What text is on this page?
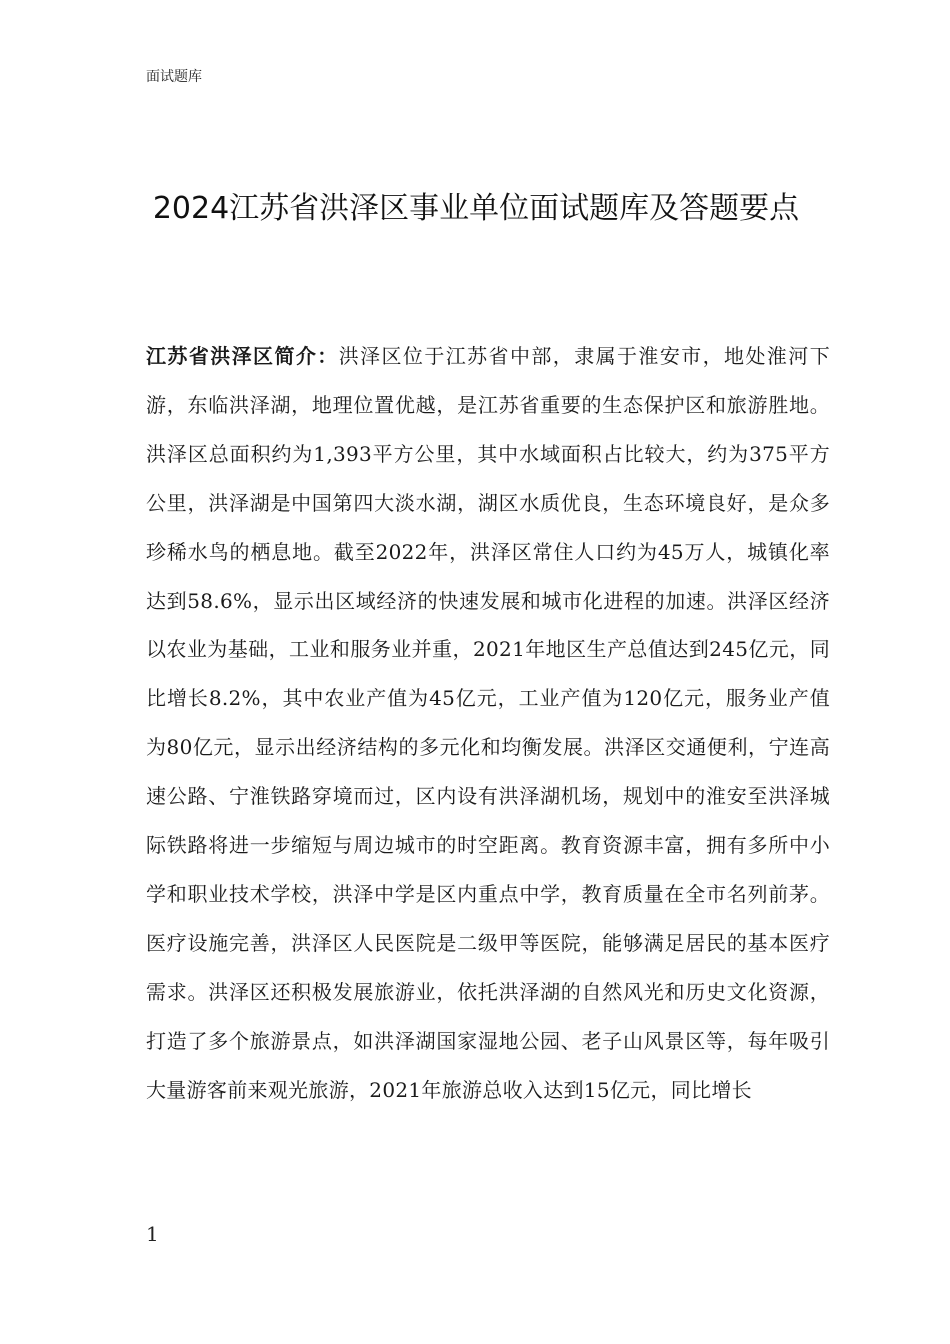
面试题库
2024江苏省洪泽区事业单位面试题库及答题要点

江苏省洪泽区简介：洪泽区位于江苏省中部，隶属于淮安市，地处淮河下游，东临洪泽湖，地理位置优越，是江苏省重要的生态保护区和旅游胜地。洪泽区总面积约为1,393平方公里，其中水域面积占比较大，约为375平方公里，洪泽湖是中国第四大淡水湖，湖区水质优良，生态环境良好，是众多珍稀水鸟的栖息地。截至2022年，洪泽区常住人口约为45万人，城镇化率达到58.6%，显示出区域经济的快速发展和城市化进程的加速。洪泽区经济以农业为基础，工业和服务业并重，2021年地区生产总值达到245亿元，同比增长8.2%，其中农业产值为45亿元，工业产值为120亿元，服务业产值为80亿元，显示出经济结构的多元化和均衡发展。洪泽区交通便利，宁连高速公路、宁淮铁路穿境而过，区内设有洪泽湖机场，规划中的淮安至洪泽城际铁路将进一步缩短与周边城市的时空距离。教育资源丰富，拥有多所中小学和职业技术学校，洪泽中学是区内重点中学，教育质量在全市名列前茅。医疗设施完善，洪泽区人民医院是二级甲等医院，能够满足居民的基本医疗需求。洪泽区还积极发展旅游业，依托洪泽湖的自然风光和历史文化资源，打造了多个旅游景点，如洪泽湖国家湿地公园、老子山风景区等，每年吸引大量游客前来观光旅游，2021年旅游总收入达到15亿元，同比增长

1
